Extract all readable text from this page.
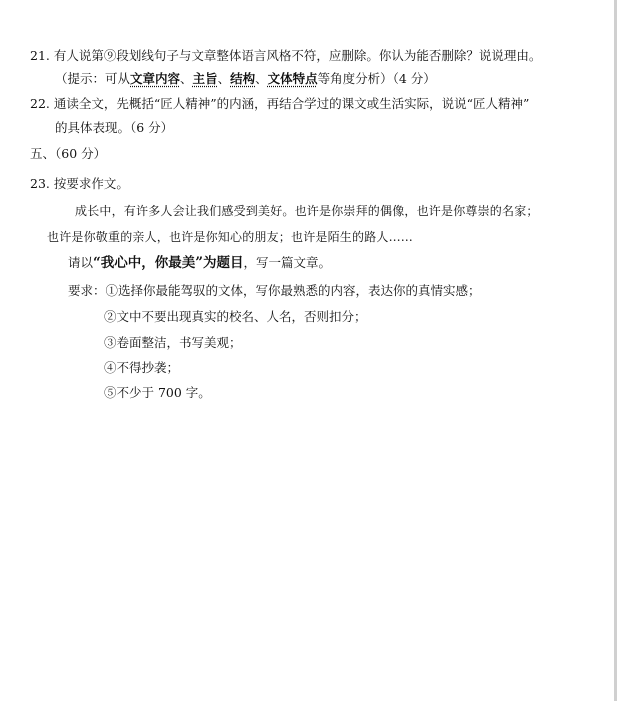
21. 有人说第⑨段划线句子与文章整体语言风格不符，应删除。你认为能否删除？说说理由。
（提示：可从文章内容、主旨、结构、文体特点等角度分析）（4 分）
22. 通读全文，先概括“匠人精神”的内涵，再结合学过的课文或生活实际，说说“匠人精神”
的具体表现。（6 分）
五、（60 分）
23. 按要求作文。
成长中，有许多人会让我们感受到美好。也许是你崇拜的偶像，也许是你尊崇的名家；
也许是你敬重的亲人，也许是你知心的朋友；也许是陌生的路人……
请以“我心中，你最美”为题目，写一篇文章。
要求：①选择你最能驾驭的文体，写你最熟悉的内容，表达你的真情实感；
②文中不要出现真实的校名、人名，否则扣分；
③卷面整洁，书写美观；
④不得抄袭；
⑤不少于 700 字。
